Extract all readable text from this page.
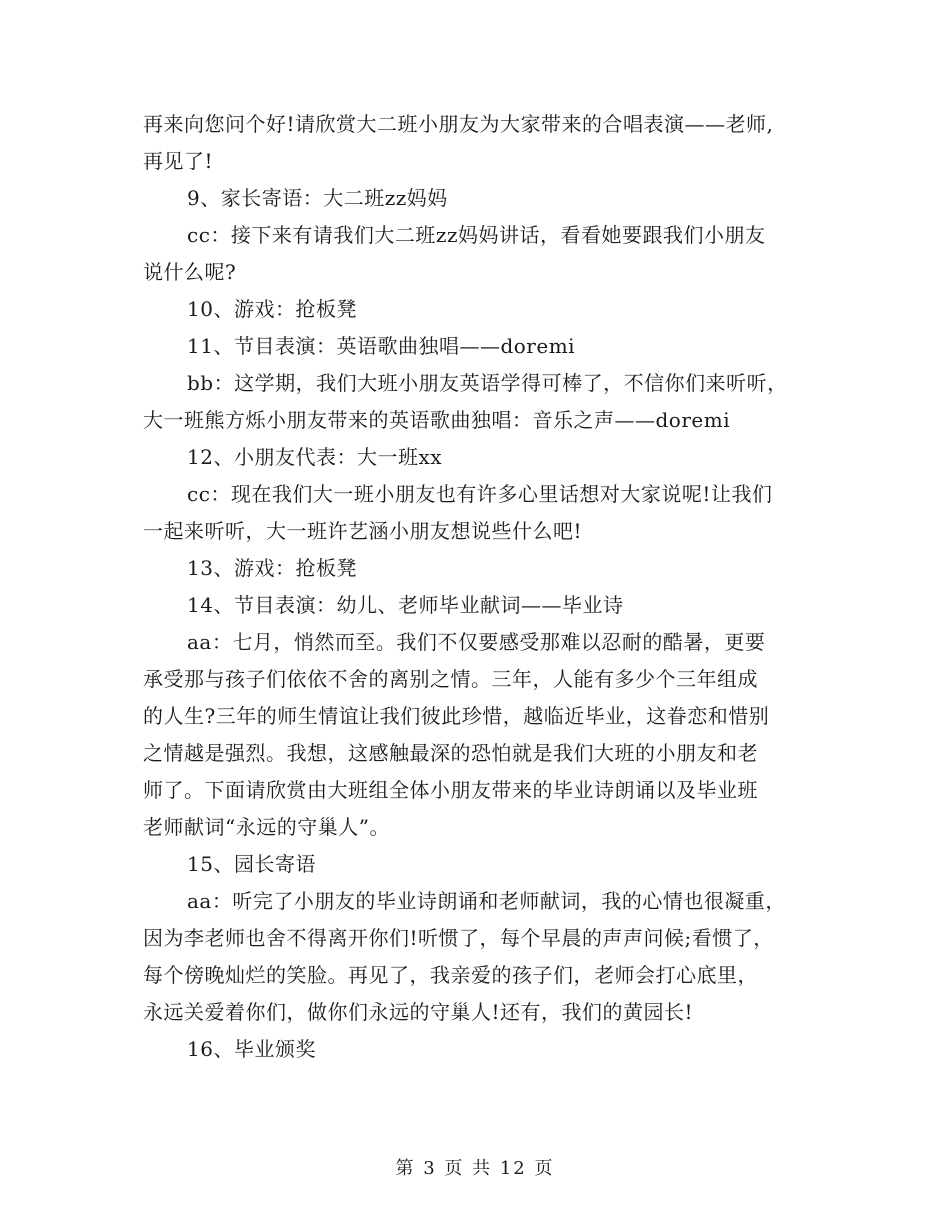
再来向您问个好!请欣赏大二班小朋友为大家带来的合唱表演——老师,
再见了!
9、家长寄语：大二班zz妈妈
cc：接下来有请我们大二班zz妈妈讲话，看看她要跟我们小朋友
说什么呢?
10、游戏：抢板凳
11、节目表演：英语歌曲独唱——doremi
bb：这学期，我们大班小朋友英语学得可棒了，不信你们来听听，
大一班熊方烁小朋友带来的英语歌曲独唱：音乐之声——doremi
12、小朋友代表：大一班xx
cc：现在我们大一班小朋友也有许多心里话想对大家说呢!让我们
一起来听听，大一班许艺涵小朋友想说些什么吧!
13、游戏：抢板凳
14、节目表演：幼儿、老师毕业献词——毕业诗
aa：七月，悄然而至。我们不仅要感受那难以忍耐的酷暑，更要
承受那与孩子们依依不舍的离别之情。三年，人能有多少个三年组成
的人生?三年的师生情谊让我们彼此珍惜，越临近毕业，这眷恋和惜别
之情越是强烈。我想，这感触最深的恐怕就是我们大班的小朋友和老
师了。下面请欣赏由大班组全体小朋友带来的毕业诗朗诵以及毕业班
老师献词“永远的守巢人”。
15、园长寄语
aa：听完了小朋友的毕业诗朗诵和老师献词，我的心情也很凝重，
因为李老师也舍不得离开你们!听惯了，每个早晨的声声问候;看惯了，
每个傍晚灿烂的笑脸。再见了，我亲爱的孩子们，老师会打心底里，
永远关爱着你们，做你们永远的守巢人!还有，我们的黄园长!
16、毕业颁奖
第 3 页 共 12 页
